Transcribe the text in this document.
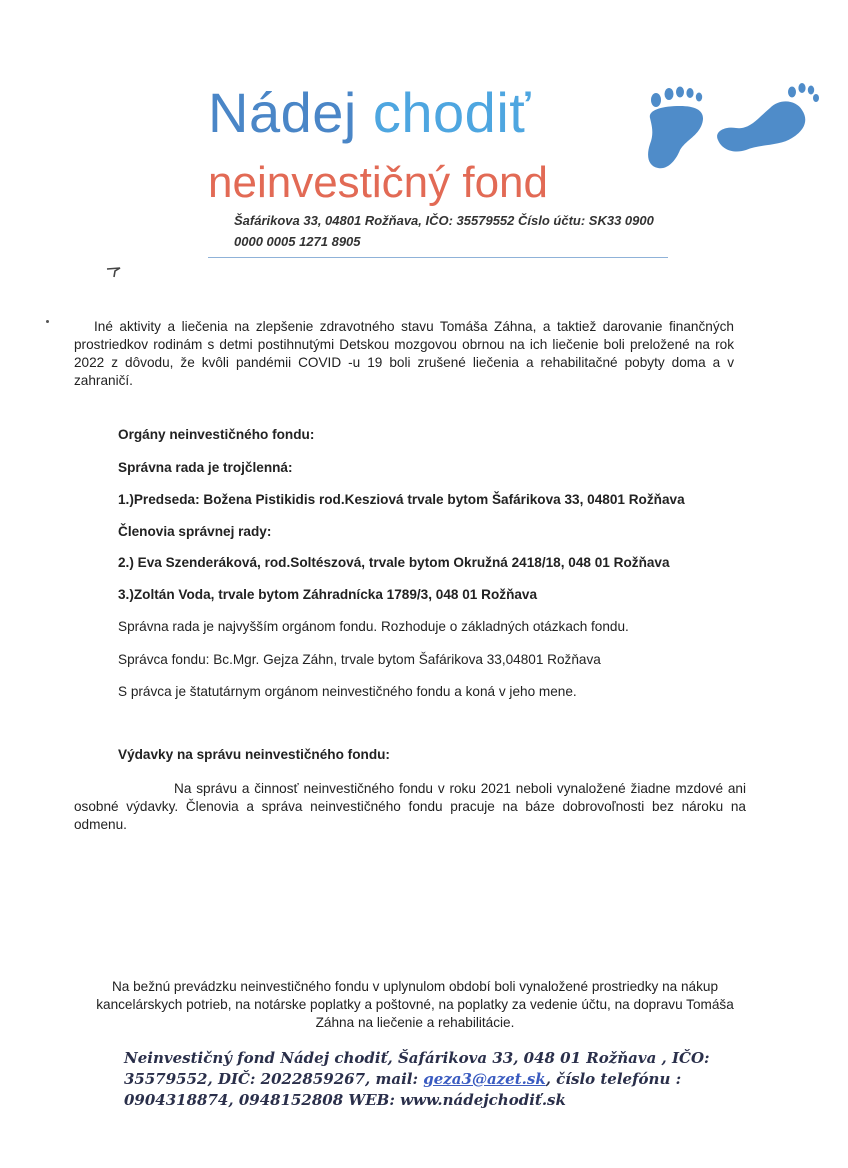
Nádej chodiť
neinvestičný fond
Šafárikova 33, 04801 Rožňava, IČO: 35579552 Číslo účtu: SK33 0900
0000 0005 1271 8905
Iné aktivity a liečenia na zlepšenie zdravotného stavu Tomáša Záhna, a taktiež darovanie finančných prostriedkov rodinám s detmi postihnutými Detskou mozgovou obrnou na ich liečenie boli preložené na rok 2022 z dôvodu, že kvôli pandémii COVID -u 19 boli zrušené liečenia a rehabilitačné pobyty doma a v zahraničí.
Orgány neinvestičného fondu:
Správna rada je trojčlenná:
1.)Predseda: Božena Pistikidis rod.Kesziová trvale bytom Šafárikova 33, 04801 Rožňava
Členovia správnej rady:
2.) Eva Szenderáková, rod.Soltészová, trvale bytom Okružná 2418/18, 048 01 Rožňava
3.)Zoltán Voda, trvale bytom Záhradnícka 1789/3, 048 01 Rožňava
Správna rada je najvyšším orgánom fondu. Rozhoduje o základných otázkach fondu.
Správca fondu: Bc.Mgr. Gejza Záhn, trvale bytom Šafárikova 33,04801 Rožňava
S právca je štatutárnym orgánom neinvestičného fondu a koná v jeho mene.
Výdavky na správu neinvestičného fondu:
Na správu a činnosť neinvestičného fondu v roku 2021 neboli vynaložené žiadne mzdové ani osobné výdavky. Členovia a správa neinvestičného fondu pracuje na báze dobrovoľnosti bez nároku na odmenu.
Na bežnú prevádzku neinvestičného fondu v uplynulom období boli vynaložené prostriedky na nákup kancelárskych potrieb, na notárske poplatky a poštovné, na poplatky za vedenie účtu, na dopravu Tomáša Záhna na liečenie a rehabilitácie.
Neinvestičný fond Nádej chodiť, Šafárikova 33, 048 01 Rožňava , IČO: 35579552, DIČ: 2022859267, mail: geza3@azet.sk, číslo telefónu : 0904318874, 0948152808 WEB: www.nádejchodiť.sk
